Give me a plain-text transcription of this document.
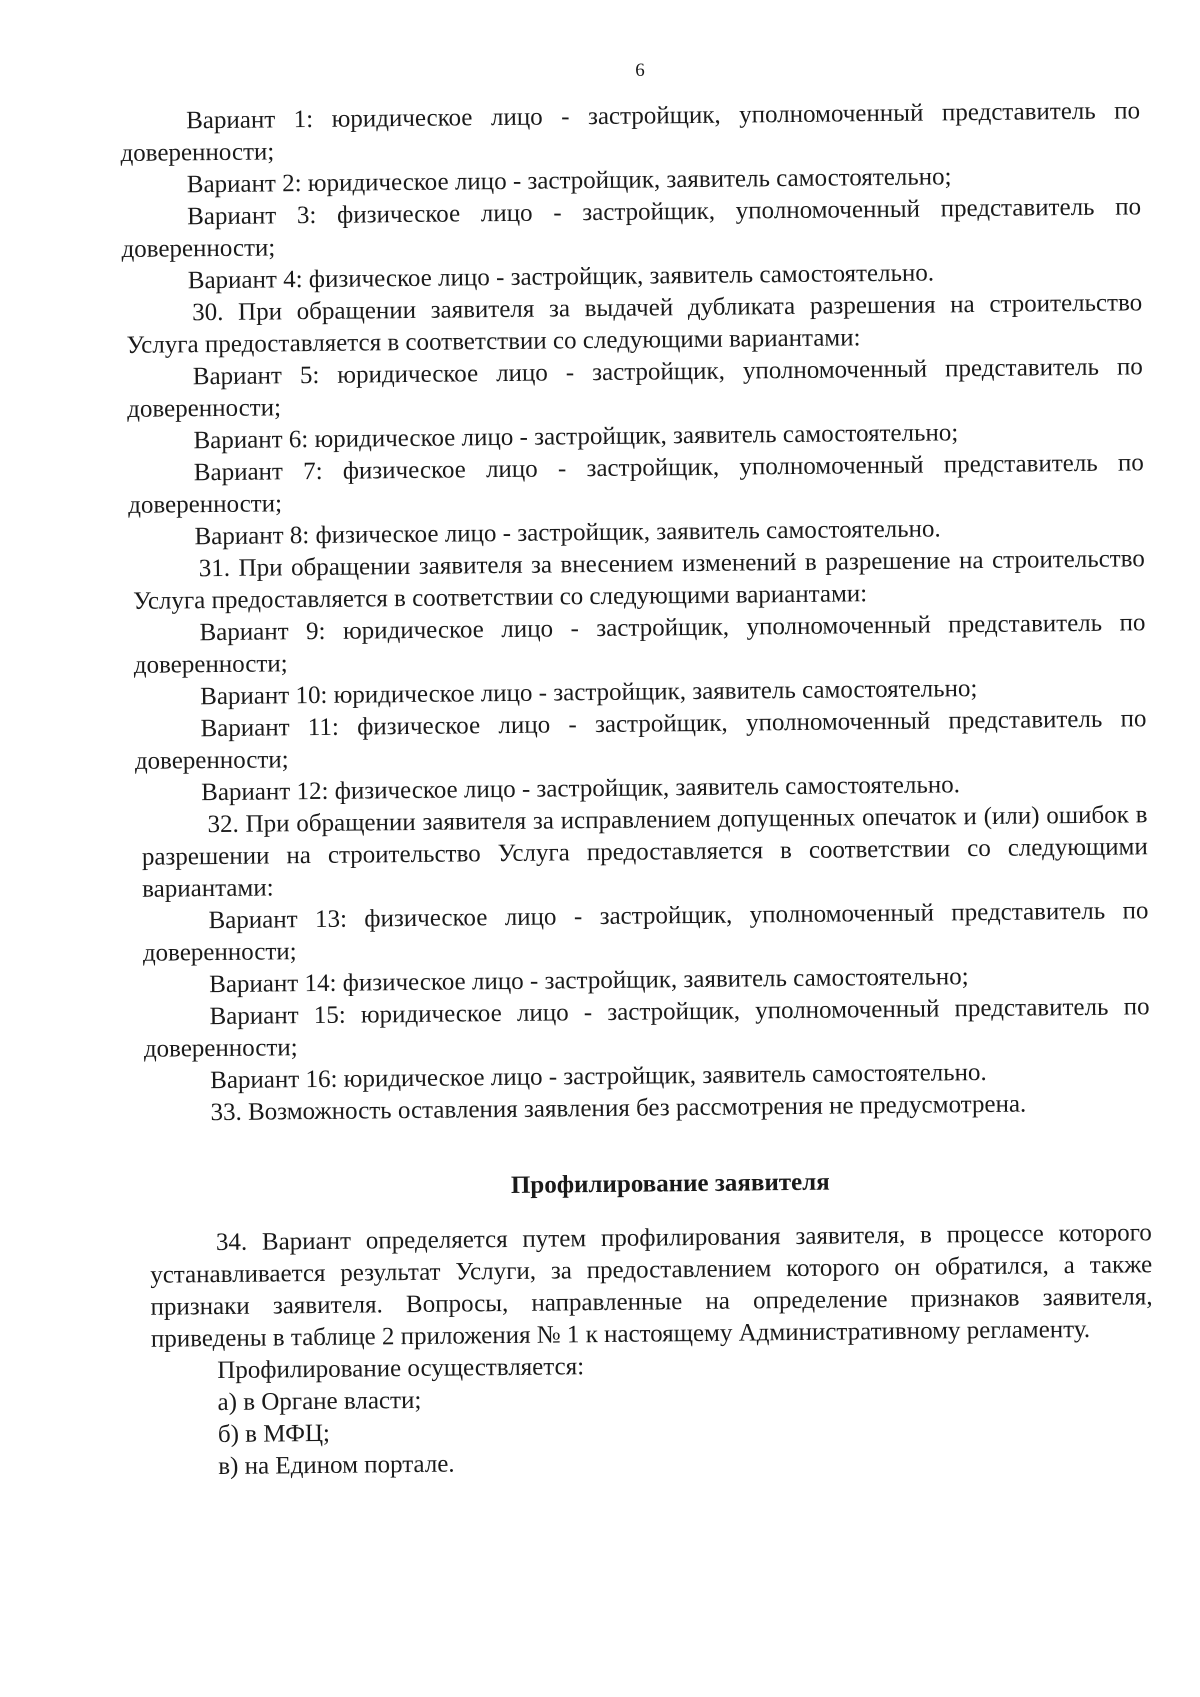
6

Вариант 1: юридическое лицо - застройщик, уполномоченный представитель по доверенности;

Вариант 2: юридическое лицо - застройщик, заявитель самостоятельно;

Вариант 3: физическое лицо - застройщик, уполномоченный представитель по доверенности;

Вариант 4: физическое лицо - застройщик, заявитель самостоятельно.

30. При обращении заявителя за выдачей дубликата разрешения на строительство Услуга предоставляется в соответствии со следующими вариантами:

Вариант 5: юридическое лицо - застройщик, уполномоченный представитель по доверенности;

Вариант 6: юридическое лицо - застройщик, заявитель самостоятельно;

Вариант 7: физическое лицо - застройщик, уполномоченный представитель по доверенности;

Вариант 8: физическое лицо - застройщик, заявитель самостоятельно.

31. При обращении заявителя за внесением изменений в разрешение на строительство Услуга предоставляется в соответствии со следующими вариантами:

Вариант 9: юридическое лицо - застройщик, уполномоченный представитель по доверенности;

Вариант 10: юридическое лицо - застройщик, заявитель самостоятельно;

Вариант 11: физическое лицо - застройщик, уполномоченный представитель по доверенности;

Вариант 12: физическое лицо - застройщик, заявитель самостоятельно.

32. При обращении заявителя за исправлением допущенных опечаток и (или) ошибок в разрешении на строительство Услуга предоставляется в соответствии со следующими вариантами:

Вариант 13: физическое лицо - застройщик, уполномоченный представитель по доверенности;

Вариант 14: физическое лицо - застройщик, заявитель самостоятельно;

Вариант 15: юридическое лицо - застройщик, уполномоченный представитель по доверенности;

Вариант 16: юридическое лицо - застройщик, заявитель самостоятельно.

33. Возможность оставления заявления без рассмотрения не предусмотрена.

Профилирование заявителя

34. Вариант определяется путем профилирования заявителя, в процессе которого устанавливается результат Услуги, за предоставлением которого он обратился, а также признаки заявителя. Вопросы, направленные на определение признаков заявителя, приведены в таблице 2 приложения № 1 к настоящему Административному регламенту.

Профилирование осуществляется:

а) в Органе власти;

б) в МФЦ;

в) на Едином портале.
